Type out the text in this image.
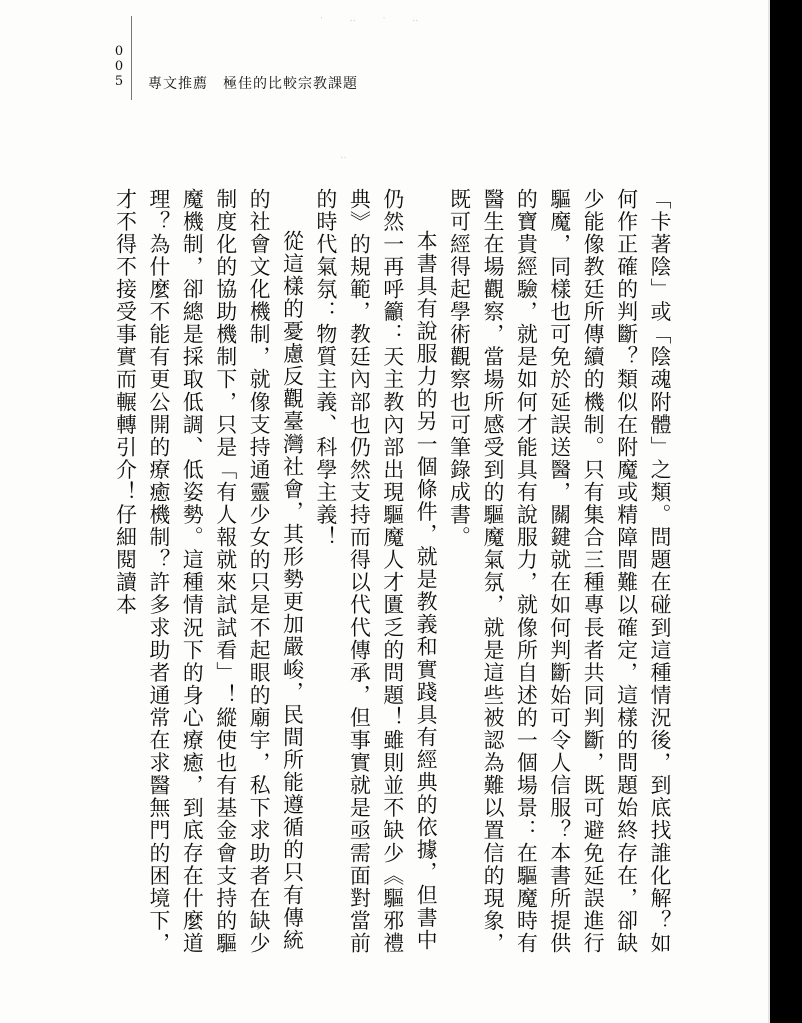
‧ ‥ ‧ ‥
‥
005 專文推薦　極佳的比較宗教課題

「卡著陰」或「陰魂附體」之類。問題在碰到這種情況後，到底找誰化解？如何作正確的判斷？類似在附魔或精障間難以確定，這樣的問題始終存在，卻缺少能像教廷所傳續的機制。只有集合三種專長者共同判斷，既可避免延誤進行驅魔，同樣也可免於延誤送醫，關鍵就在如何判斷始可令人信服？本書所提供的寶貴經驗，就是如何才能具有說服力，就像所自述的一個場景：在驅魔時有醫生在場觀察，當場所感受到的驅魔氣氛，就是這些被認為難以置信的現象，既可經得起學術觀察也可筆錄成書。

本書具有說服力的另一個條件，就是教義和實踐具有經典的依據，但書中仍然一再呼籲：天主教內部出現驅魔人才匱乏的問題！雖則並不缺少《驅邪禮典》的規範，教廷內部也仍然支持而得以代代傳承，但事實就是亟需面對當前的時代氣氛：物質主義、科學主義！

從這樣的憂慮反觀臺灣社會，其形勢更加嚴峻，民間所能遵循的只有傳統的社會文化機制，就像支持通靈少女的只是不起眼的廟宇，私下求助者在缺少制度化的協助機制下，只是「有人報就來試試看」！縱使也有基金會支持的驅魔機制，卻總是採取低調、低姿勢。這種情況下的身心療癒，到底存在什麼道理？為什麼不能有更公開的療癒機制？許多求助者通常在求醫無門的困境下，才不得不接受事實而輾轉引介！仔細閱讀本
